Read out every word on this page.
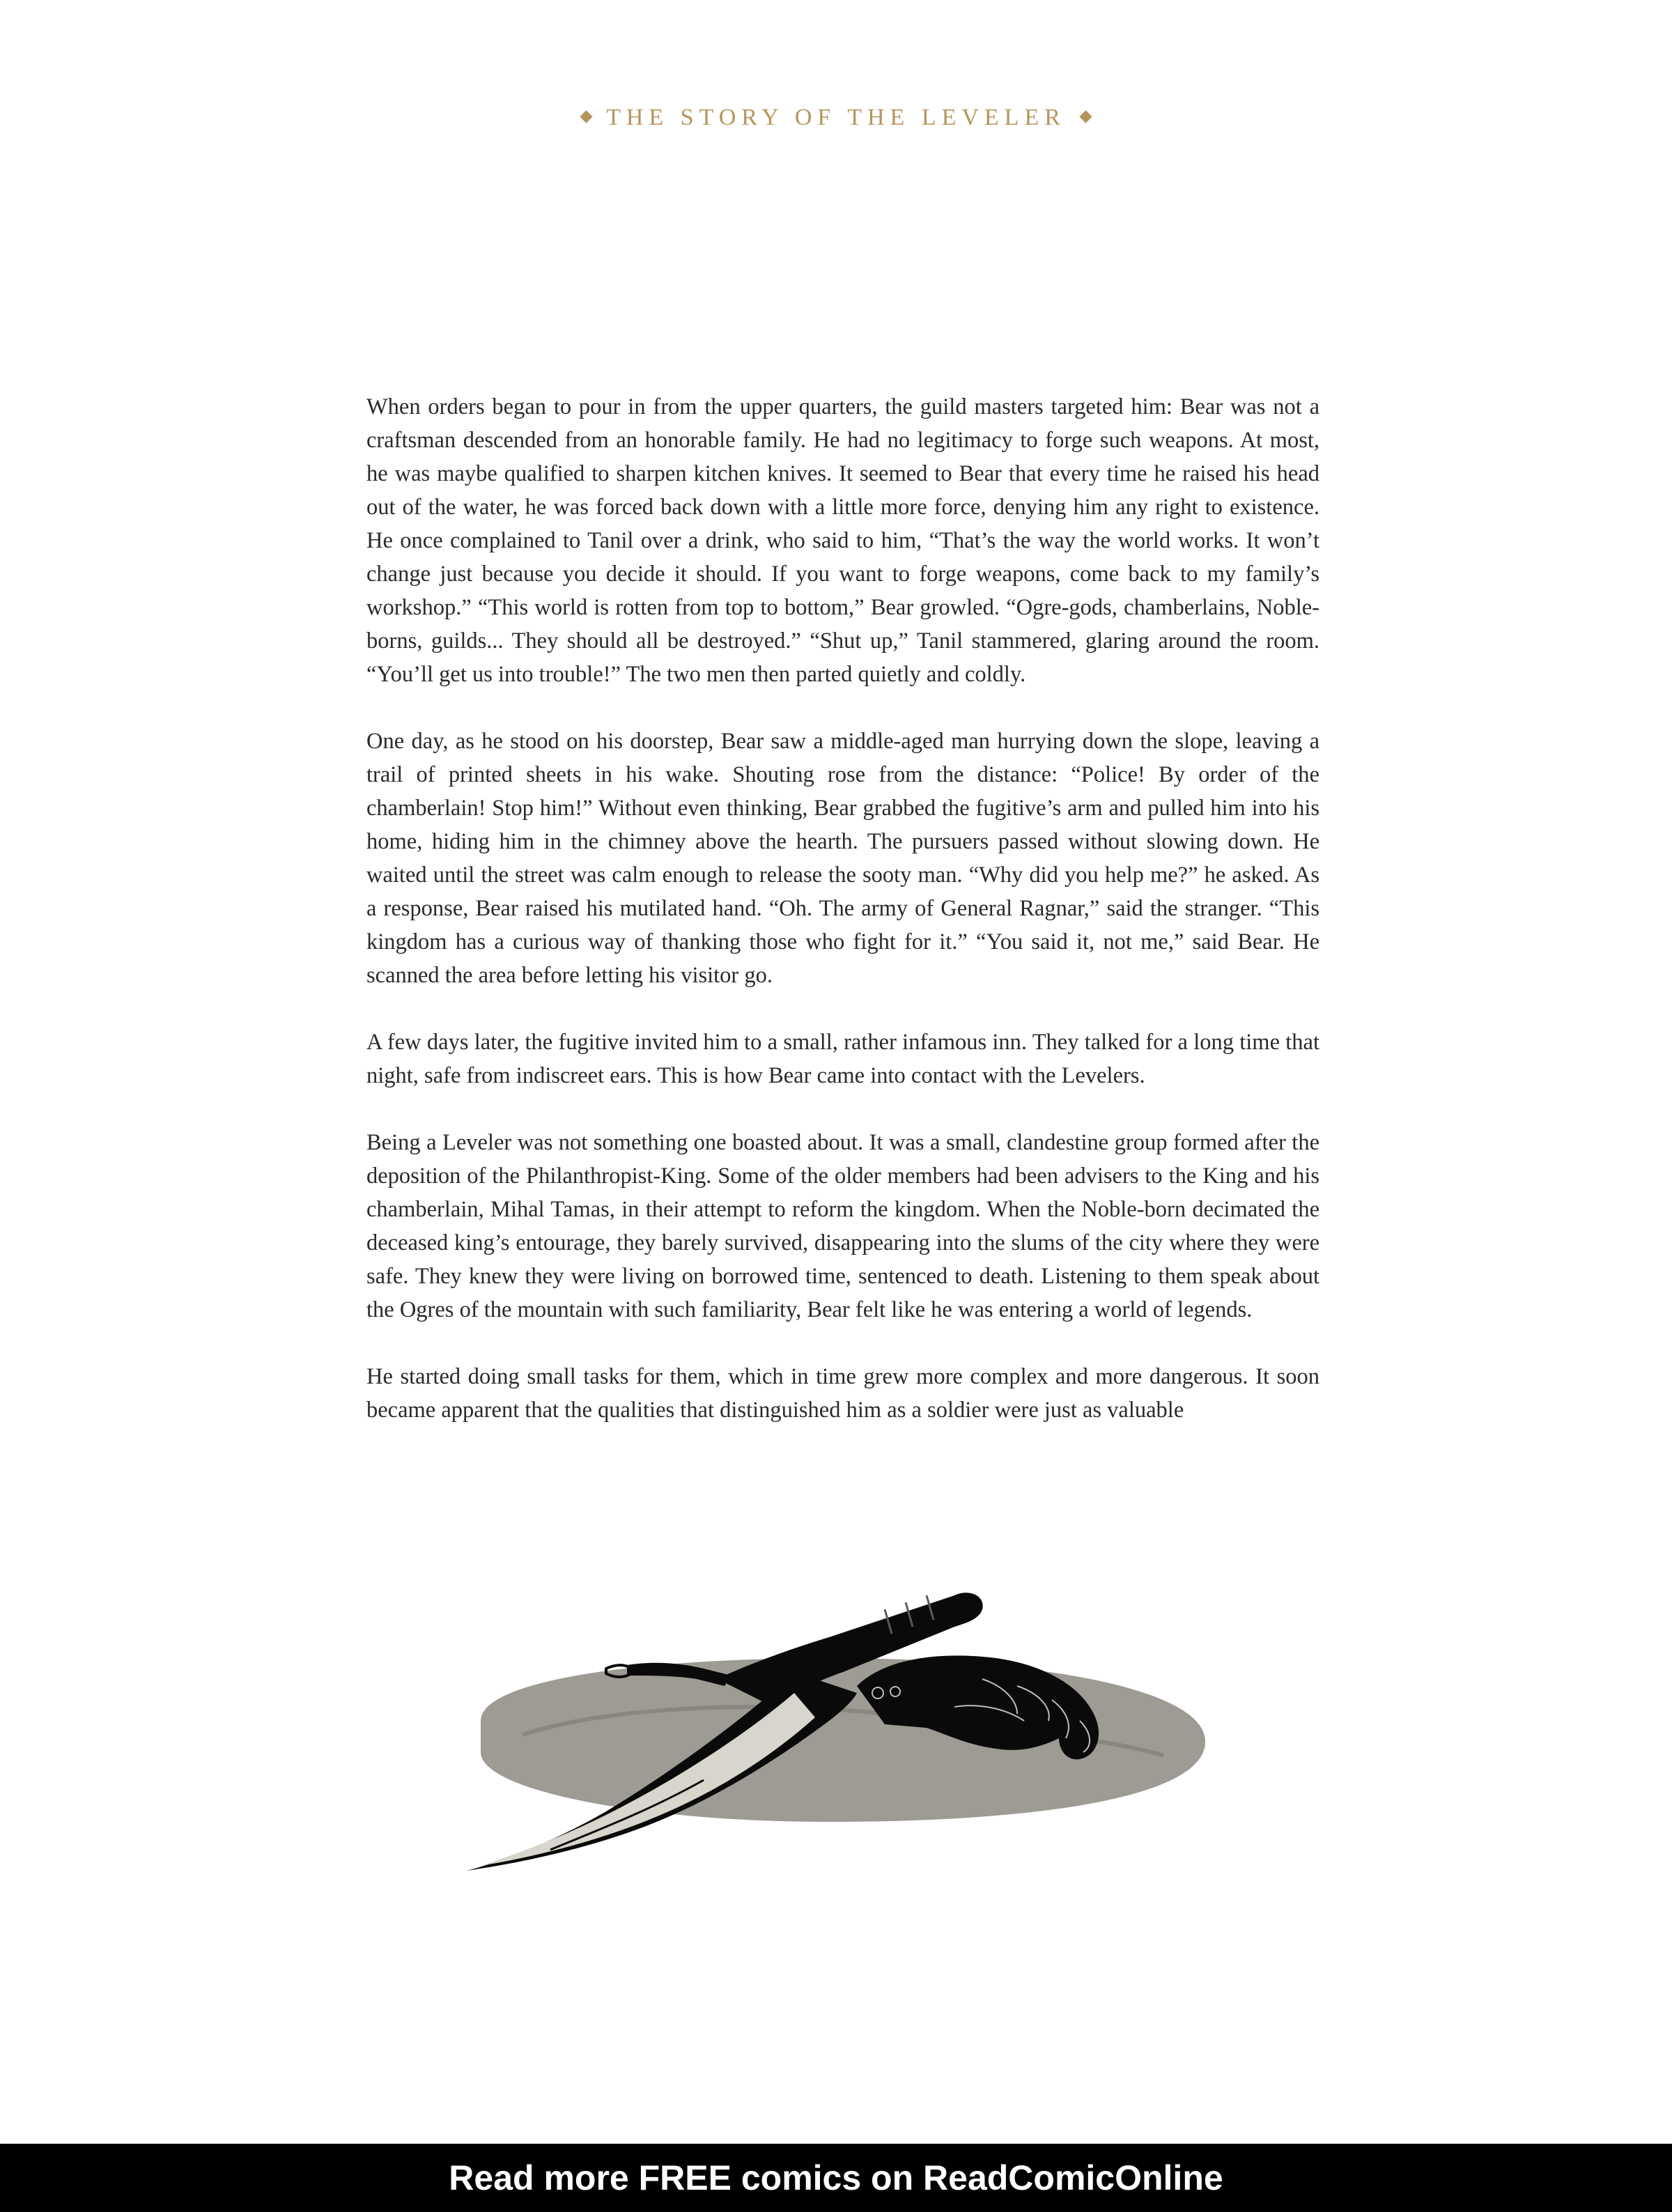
THE STORY OF THE LEVELER

When orders began to pour in from the upper quarters, the guild masters targeted him: Bear was not a craftsman descended from an honorable family. He had no legitimacy to forge such weapons. At most, he was maybe qualified to sharpen kitchen knives. It seemed to Bear that every time he raised his head out of the water, he was forced back down with a little more force, denying him any right to existence. He once complained to Tanil over a drink, who said to him, “That’s the way the world works. It won’t change just because you decide it should. If you want to forge weapons, come back to my family’s workshop.” “This world is rotten from top to bottom,” Bear growled. “Ogre-gods, chamberlains, Noble-borns, guilds... They should all be destroyed.” “Shut up,” Tanil stammered, glaring around the room. “You’ll get us into trouble!” The two men then parted quietly and coldly.

One day, as he stood on his doorstep, Bear saw a middle-aged man hurrying down the slope, leaving a trail of printed sheets in his wake. Shouting rose from the distance: “Police! By order of the chamberlain! Stop him!” Without even thinking, Bear grabbed the fugitive’s arm and pulled him into his home, hiding him in the chimney above the hearth. The pursuers passed without slowing down. He waited until the street was calm enough to release the sooty man. “Why did you help me?” he asked. As a response, Bear raised his mutilated hand. “Oh. The army of General Ragnar,” said the stranger. “This kingdom has a curious way of thanking those who fight for it.” “You said it, not me,” said Bear. He scanned the area before letting his visitor go.

A few days later, the fugitive invited him to a small, rather infamous inn. They talked for a long time that night, safe from indiscreet ears. This is how Bear came into contact with the Levelers.

Being a Leveler was not something one boasted about. It was a small, clandestine group formed after the deposition of the Philanthropist-King. Some of the older members had been advisers to the King and his chamberlain, Mihal Tamas, in their attempt to reform the kingdom. When the Noble-born decimated the deceased king’s entourage, they barely survived, disappearing into the slums of the city where they were safe. They knew they were living on borrowed time, sentenced to death. Listening to them speak about the Ogres of the mountain with such familiarity, Bear felt like he was entering a world of legends.

He started doing small tasks for them, which in time grew more complex and more dangerous. It soon became apparent that the qualities that distinguished him as a soldier were just as valuable

Read more FREE comics on ReadComicOnline
